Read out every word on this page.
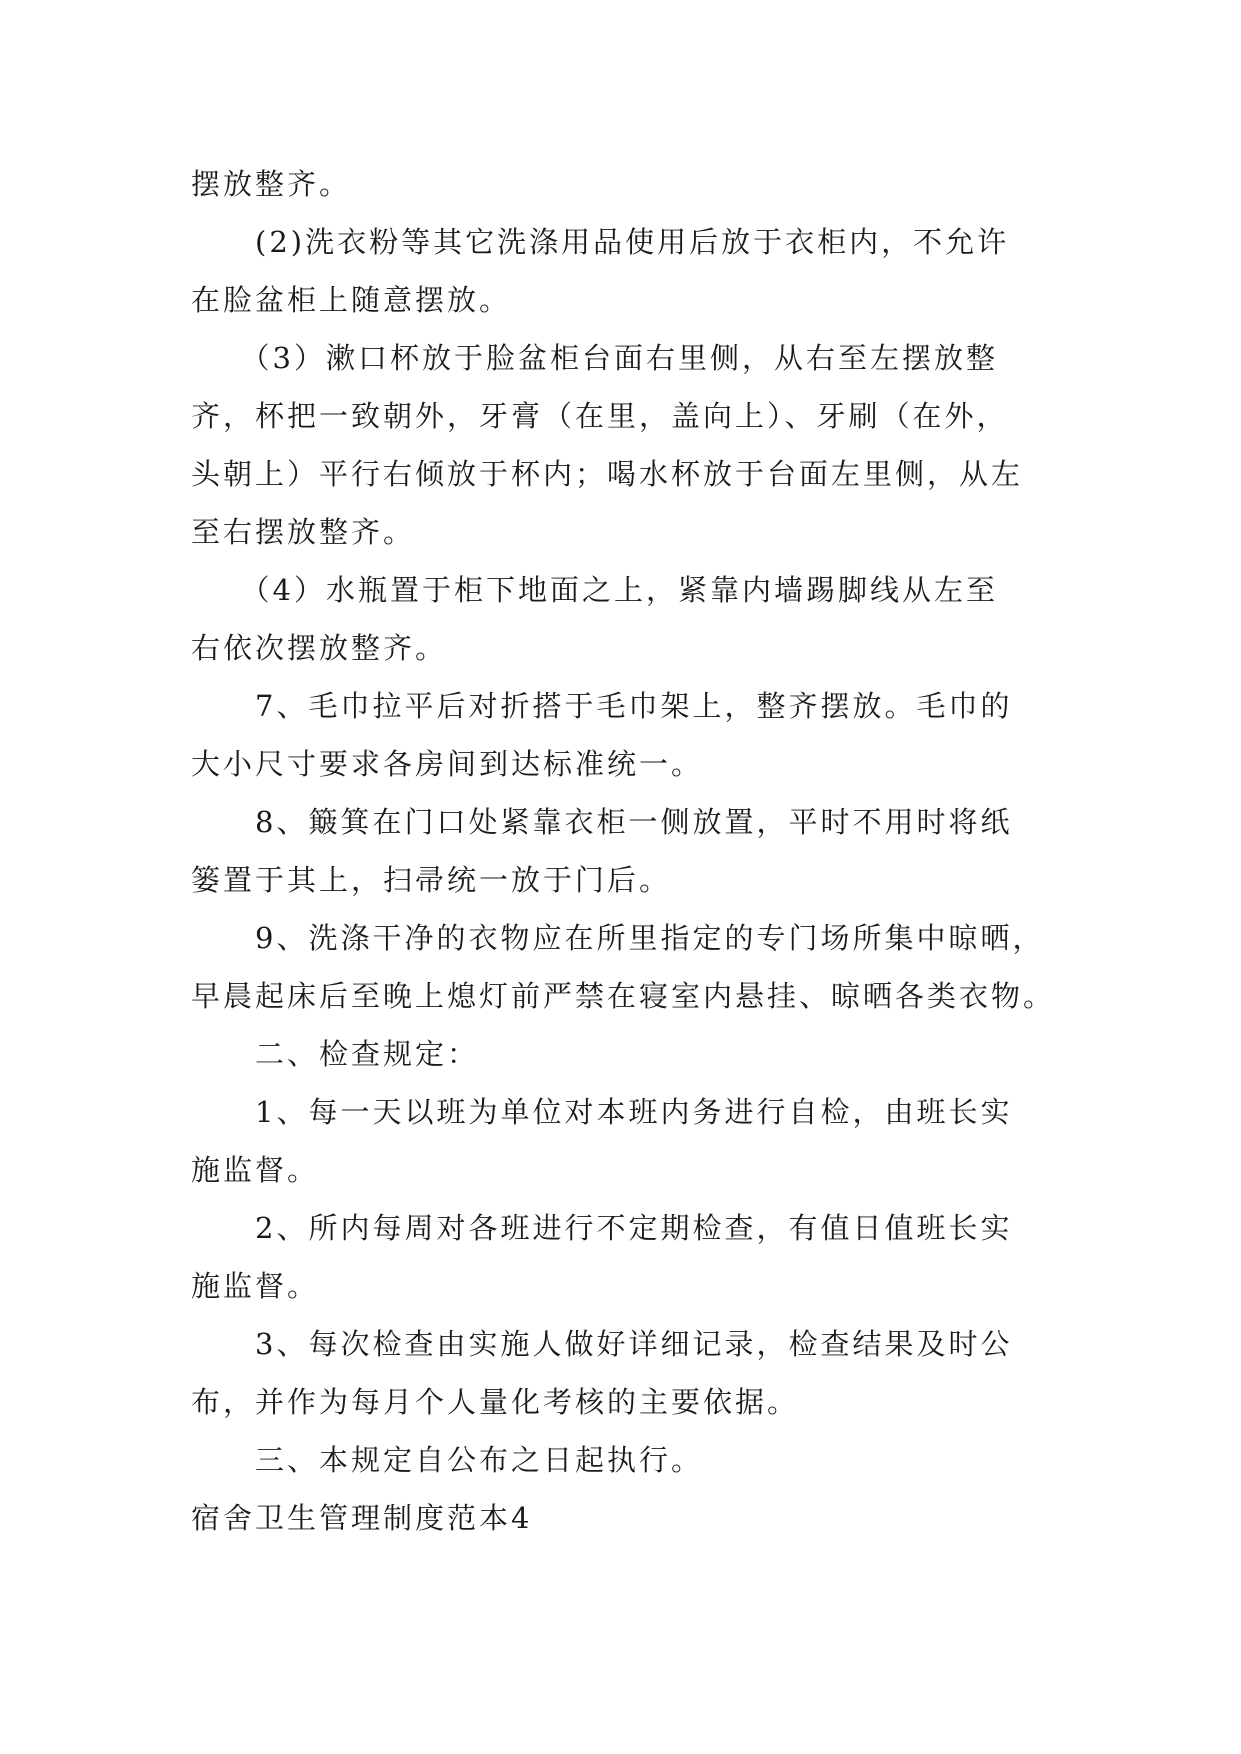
摆放整齐。

　　(2)洗衣粉等其它洗涤用品使用后放于衣柜内，不允许

在脸盆柜上随意摆放。

　　（3）漱口杯放于脸盆柜台面右里侧，从右至左摆放整

齐，杯把一致朝外，牙膏（在里，盖向上）、牙刷（在外，

头朝上）平行右倾放于杯内；喝水杯放于台面左里侧，从左

至右摆放整齐。

　　（4）水瓶置于柜下地面之上，紧靠内墙踢脚线从左至

右依次摆放整齐。

　　7、毛巾拉平后对折搭于毛巾架上，整齐摆放。毛巾的

大小尺寸要求各房间到达标准统一。

　　8、簸箕在门口处紧靠衣柜一侧放置，平时不用时将纸

篓置于其上，扫帚统一放于门后。

　　9、洗涤干净的衣物应在所里指定的专门场所集中晾晒，

早晨起床后至晚上熄灯前严禁在寝室内悬挂、晾晒各类衣物。

　　二、检查规定：

　　1、每一天以班为单位对本班内务进行自检，由班长实

施监督。

　　2、所内每周对各班进行不定期检查，有值日值班长实

施监督。

　　3、每次检查由实施人做好详细记录，检查结果及时公

布，并作为每月个人量化考核的主要依据。

　　三、本规定自公布之日起执行。

宿舍卫生管理制度范本4
